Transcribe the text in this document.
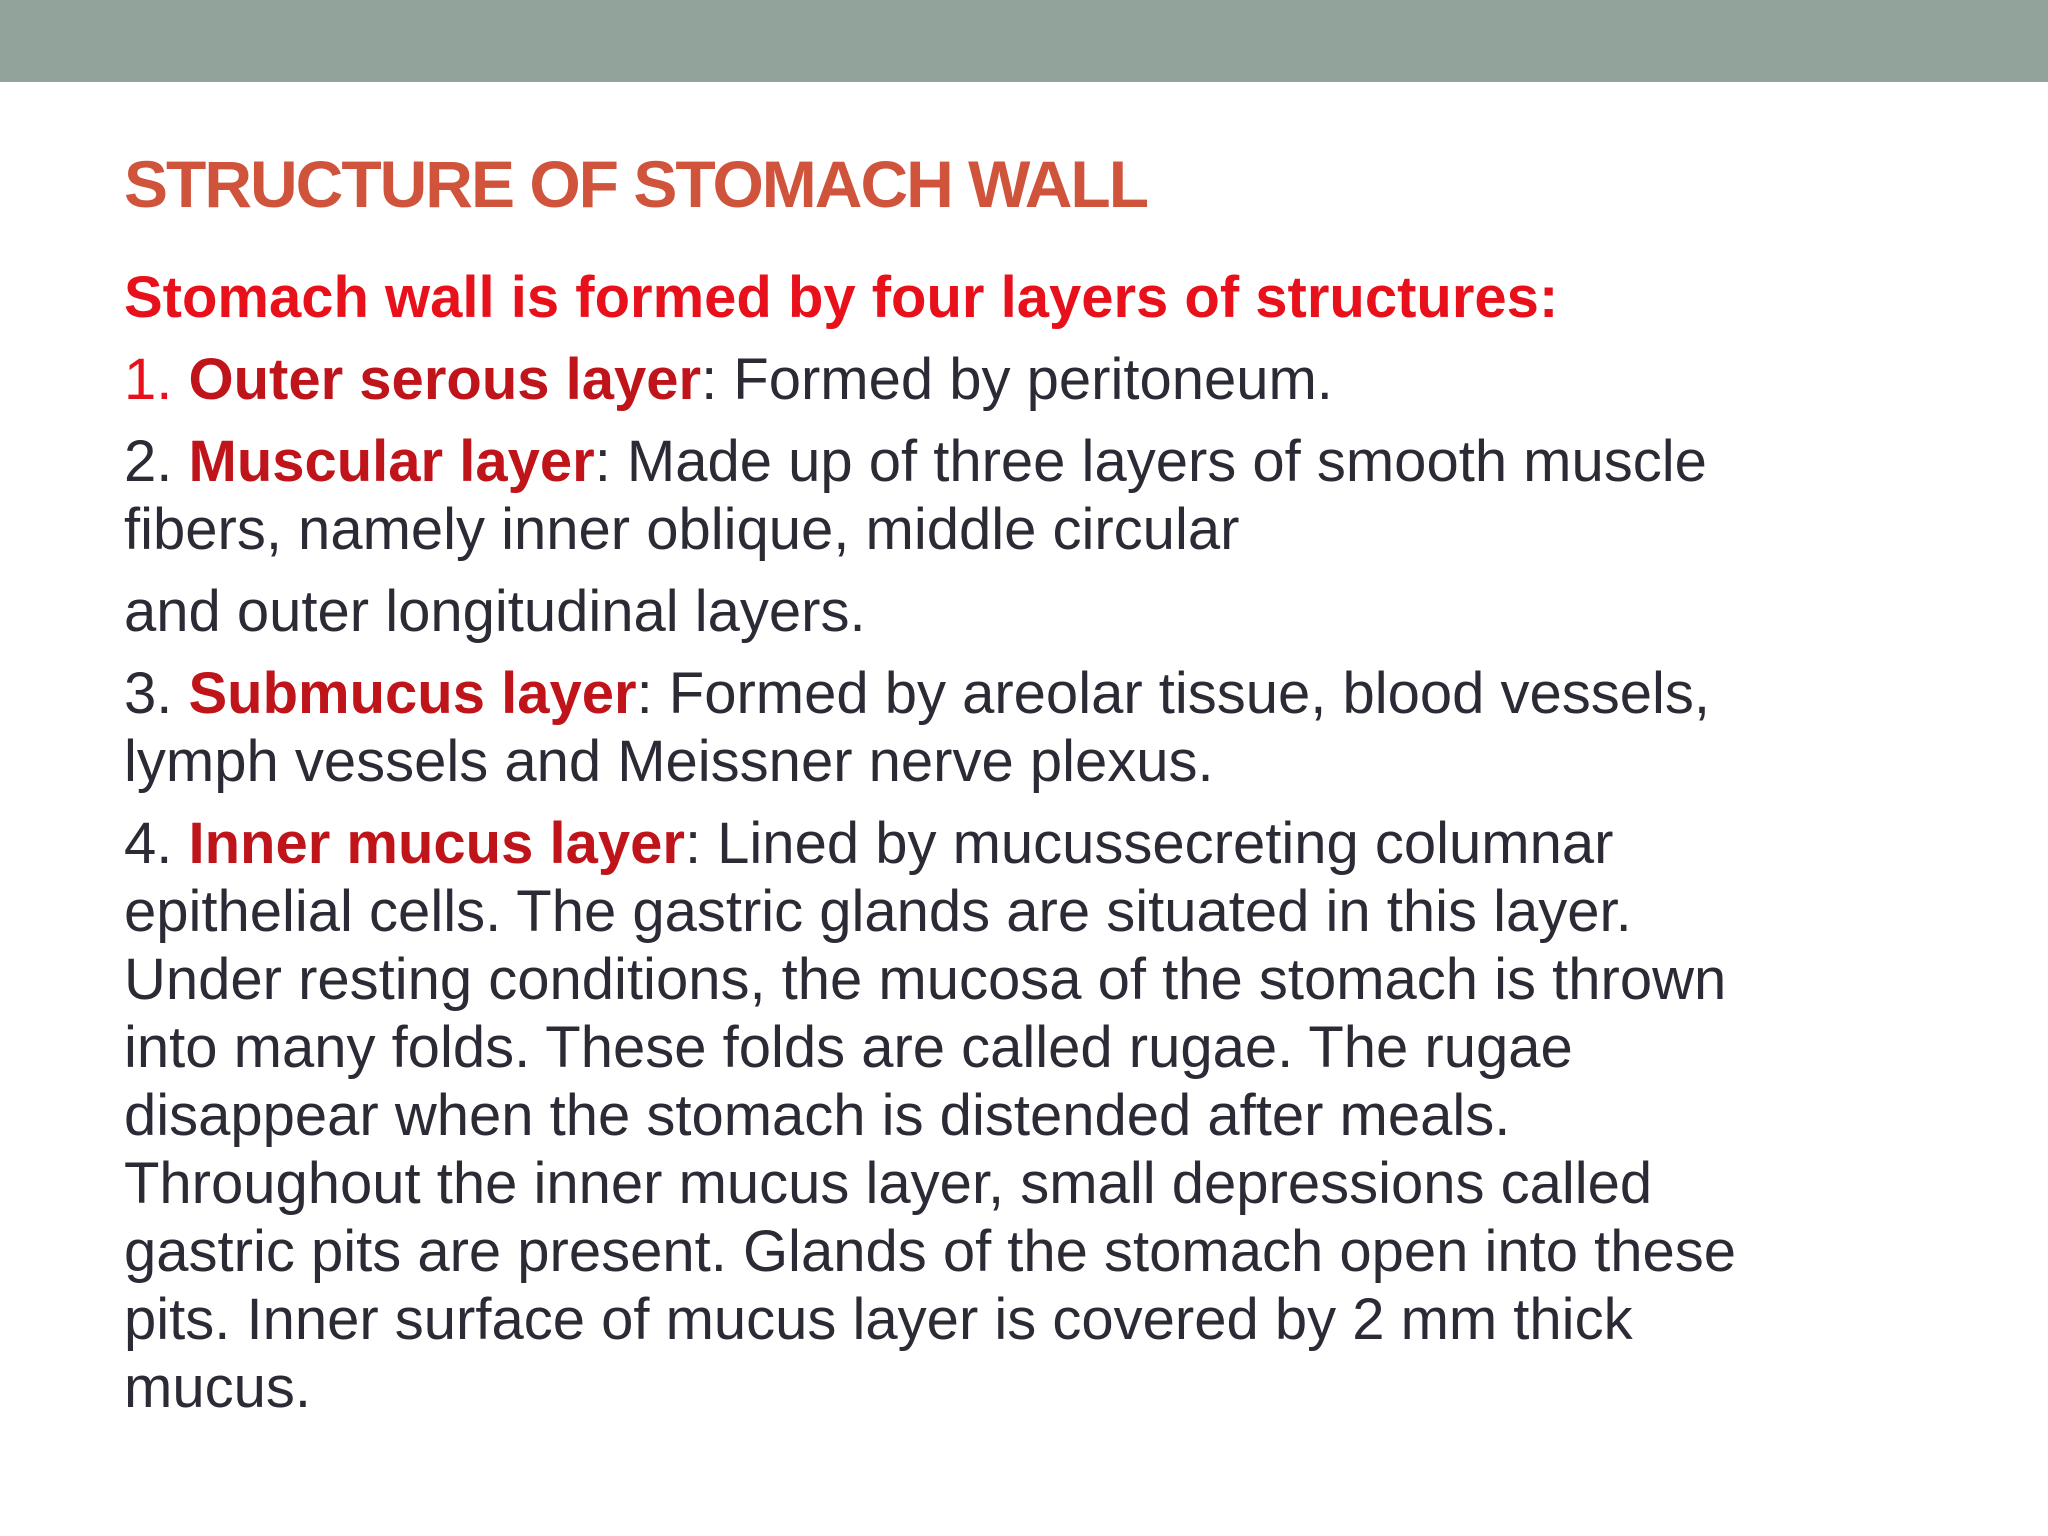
STRUCTURE OF STOMACH WALL

Stomach wall is formed by four layers of structures:

1. Outer serous layer: Formed by peritoneum.

2. Muscular layer: Made up of three layers of smooth muscle

fibers, namely inner oblique, middle circular

and outer longitudinal layers.

3. Submucus layer: Formed by areolar tissue, blood vessels,

lymph vessels and Meissner nerve plexus.

4. Inner mucus layer: Lined by mucussecreting columnar

epithelial cells. The gastric glands are situated in this layer.

Under resting conditions, the mucosa of the stomach is thrown

into many folds. These folds are called rugae. The rugae

disappear when the stomach is distended after meals.

Throughout the inner mucus layer, small depressions called

gastric pits are present. Glands of the stomach open into these

pits. Inner surface of mucus layer is covered by 2 mm thick

mucus.
